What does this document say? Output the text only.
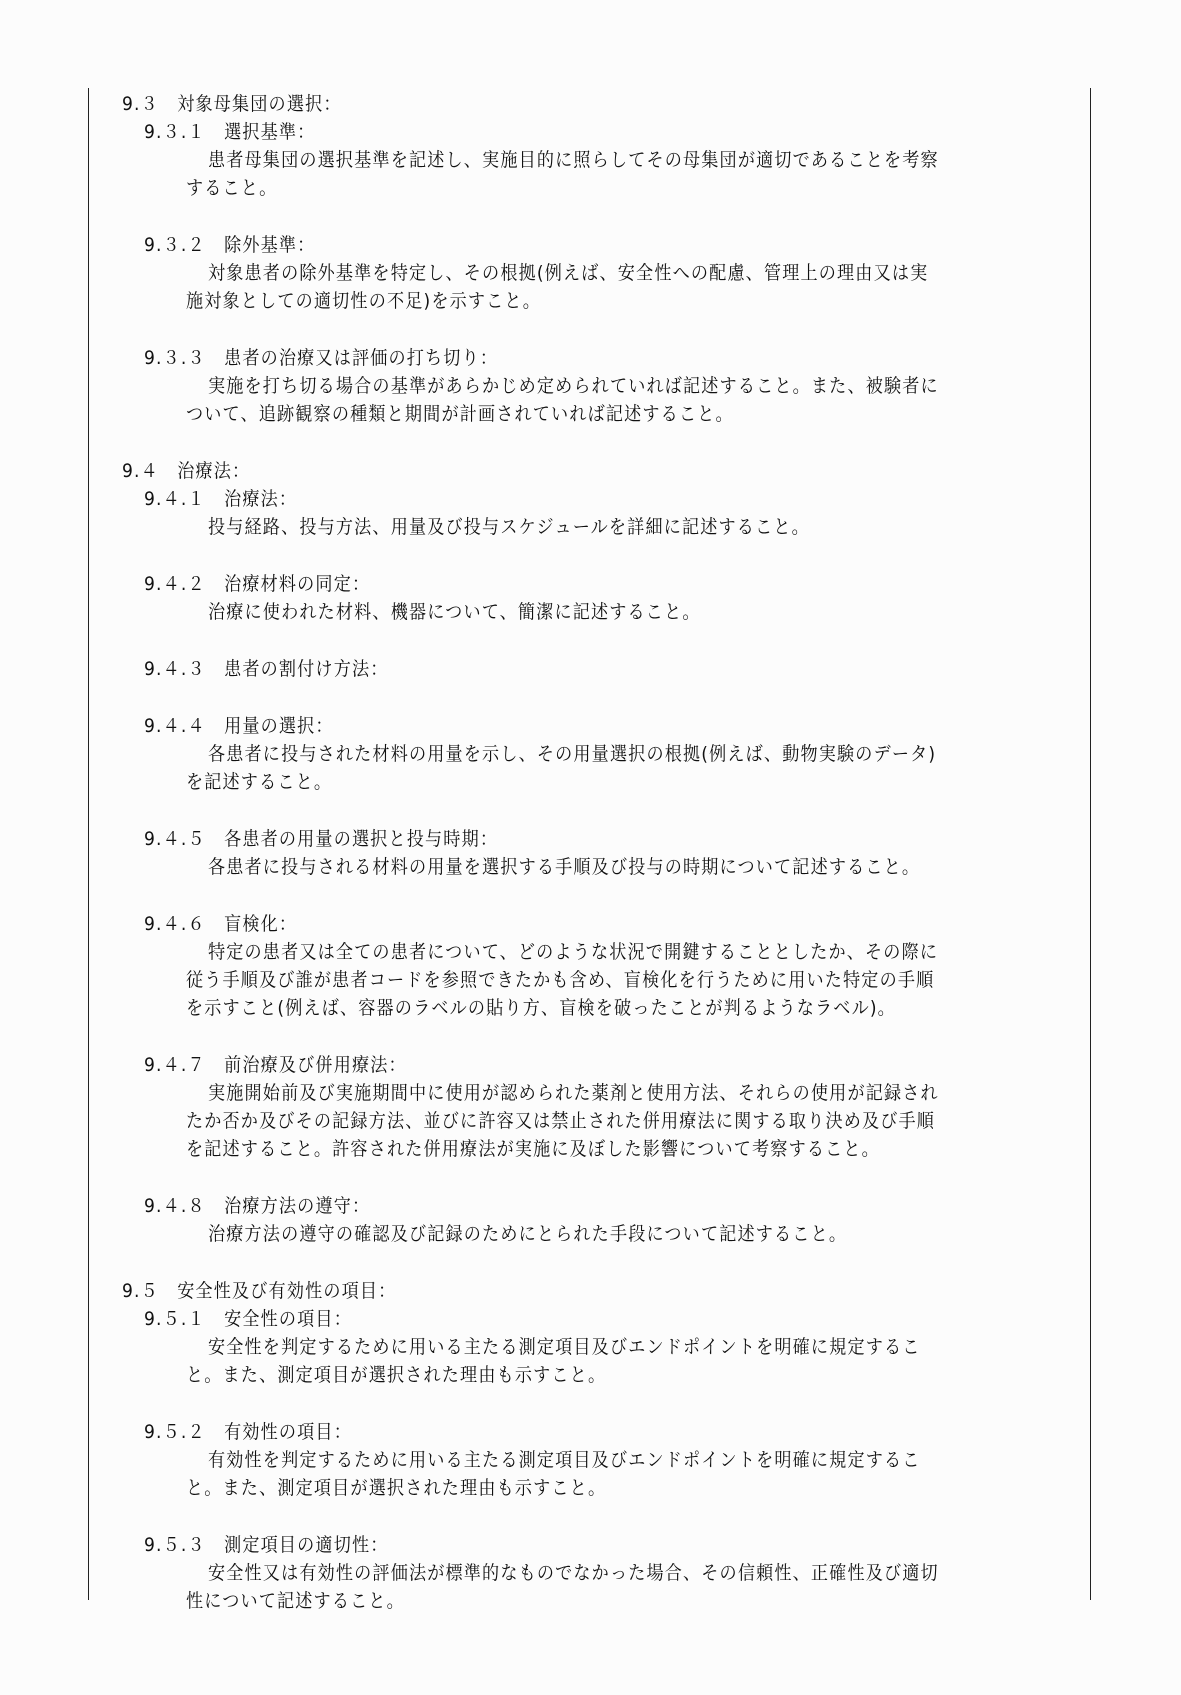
9.３　対象母集団の選択：
9.３.１　選択基準：
患者母集団の選択基準を記述し、実施目的に照らしてその母集団が適切であることを考察
すること。
9.３.２　除外基準：
対象患者の除外基準を特定し、その根拠(例えば、安全性への配慮、管理上の理由又は実
施対象としての適切性の不足)を示すこと。
9.３.３　患者の治療又は評価の打ち切り：
実施を打ち切る場合の基準があらかじめ定められていれば記述すること。また、被験者に
ついて、追跡観察の種類と期間が計画されていれば記述すること。
9.４　治療法：
9.４.１　治療法：
投与経路、投与方法、用量及び投与スケジュールを詳細に記述すること。
9.４.２　治療材料の同定：
治療に使われた材料、機器について、簡潔に記述すること。
9.４.３　患者の割付け方法：
9.４.４　用量の選択：
各患者に投与された材料の用量を示し、その用量選択の根拠(例えば、動物実験のデータ)
を記述すること。
9.４.５　各患者の用量の選択と投与時期：
各患者に投与される材料の用量を選択する手順及び投与の時期について記述すること。
9.４.６　盲検化：
特定の患者又は全ての患者について、どのような状況で開鍵することとしたか、その際に
従う手順及び誰が患者コードを参照できたかも含め、盲検化を行うために用いた特定の手順
を示すこと(例えば、容器のラベルの貼り方、盲検を破ったことが判るようなラベル)。
9.４.７　前治療及び併用療法：
実施開始前及び実施期間中に使用が認められた薬剤と使用方法、それらの使用が記録され
たか否か及びその記録方法、並びに許容又は禁止された併用療法に関する取り決め及び手順
を記述すること。許容された併用療法が実施に及ぼした影響について考察すること。
9.４.８　治療方法の遵守：
治療方法の遵守の確認及び記録のためにとられた手段について記述すること。
9.５　安全性及び有効性の項目：
9.５.１　安全性の項目：
安全性を判定するために用いる主たる測定項目及びエンドポイントを明確に規定するこ
と。また、測定項目が選択された理由も示すこと。
9.５.２　有効性の項目：
有効性を判定するために用いる主たる測定項目及びエンドポイントを明確に規定するこ
と。また、測定項目が選択された理由も示すこと。
9.５.３　測定項目の適切性：
安全性又は有効性の評価法が標準的なものでなかった場合、その信頼性、正確性及び適切
性について記述すること。
